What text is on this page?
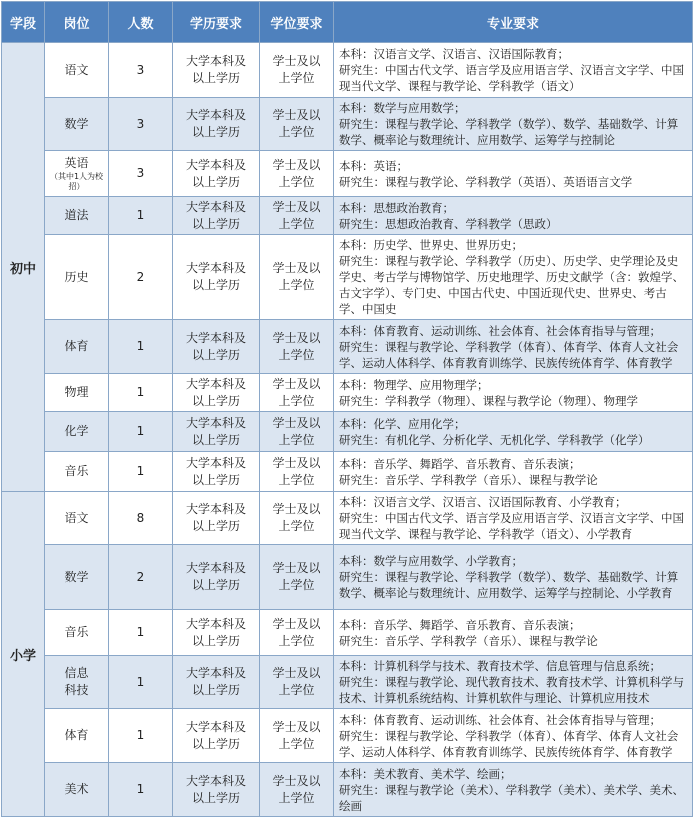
学段	岗位	人数	学历要求	学位要求	专业要求
初中	语文	3	大学本科及以上学历	学士及以上学位	本科：汉语言文学、汉语言、汉语国际教育；
研究生：中国古代文学、语言学及应用语言学、汉语言文字学、中国现当代文学、课程与教学论、学科教学（语文）

	数学	3	大学本科及以上学历	学士及以上学位	本科：数学与应用数学；
研究生：课程与教学论、学科教学（数学）、数学、基础数学、计算数学、概率论与数理统计、应用数学、运筹学与控制论

	英语
（其中1人为校招）	3	大学本科及以上学历	学士及以上学位	本科：英语；
研究生：课程与教学论、学科教学（英语）、英语语言文学

	道法	1	大学本科及以上学历	学士及以上学位	本科：思想政治教育；
研究生：思想政治教育、学科教学（思政）

	历史	2	大学本科及以上学历	学士及以上学位	本科：历史学、世界史、世界历史；
研究生：课程与教学论、学科教学（历史）、历史学、史学理论及史学史、考古学与博物馆学、历史地理学、历史文献学（含：敦煌学、古文字学）、专门史、中国古代史、中国近现代史、世界史、考古学、中国史

	体育	1	大学本科及以上学历	学士及以上学位	本科：体育教育、运动训练、社会体育、社会体育指导与管理；
研究生：课程与教学论、学科教学（体育）、体育学、体育人文社会学、运动人体科学、体育教育训练学、民族传统体育学、体育教学

	物理	1	大学本科及以上学历	学士及以上学位	本科：物理学、应用物理学；
研究生：学科教学（物理）、课程与教学论（物理）、物理学

	化学	1	大学本科及以上学历	学士及以上学位	本科：化学、应用化学；
研究生：有机化学、分析化学、无机化学、学科教学（化学）

	音乐	1	大学本科及以上学历	学士及以上学位	本科：音乐学、舞蹈学、音乐教育、音乐表演；
研究生：音乐学、学科教学（音乐）、课程与教学论

小学	语文	8	大学本科及以上学历	学士及以上学位	本科：汉语言文学、汉语言、汉语国际教育、小学教育；
研究生：中国古代文学、语言学及应用语言学、汉语言文字学、中国现当代文学、课程与教学论、学科教学（语文）、小学教育

	数学	2	大学本科及以上学历	学士及以上学位	本科：数学与应用数学、小学教育；
研究生：课程与教学论、学科教学（数学）、数学、基础数学、计算数学、概率论与数理统计、应用数学、运筹学与控制论、小学教育

	音乐	1	大学本科及以上学历	学士及以上学位	本科：音乐学、舞蹈学、音乐教育、音乐表演；
研究生：音乐学、学科教学（音乐）、课程与教学论

	信息科技	1	大学本科及以上学历	学士及以上学位	本科：计算机科学与技术、教育技术学、信息管理与信息系统；
研究生：课程与教学论、现代教育技术、教育技术学、计算机科学与技术、计算机系统结构、计算机软件与理论、计算机应用技术

	体育	1	大学本科及以上学历	学士及以上学位	本科：体育教育、运动训练、社会体育、社会体育指导与管理；
研究生：课程与教学论、学科教学（体育）、体育学、体育人文社会学、运动人体科学、体育教育训练学、民族传统体育学、体育教学

	美术	1	大学本科及以上学历	学士及以上学位	本科：美术教育、美术学、绘画；
研究生：课程与教学论（美术）、学科教学（美术）、美术学、美术、绘画
